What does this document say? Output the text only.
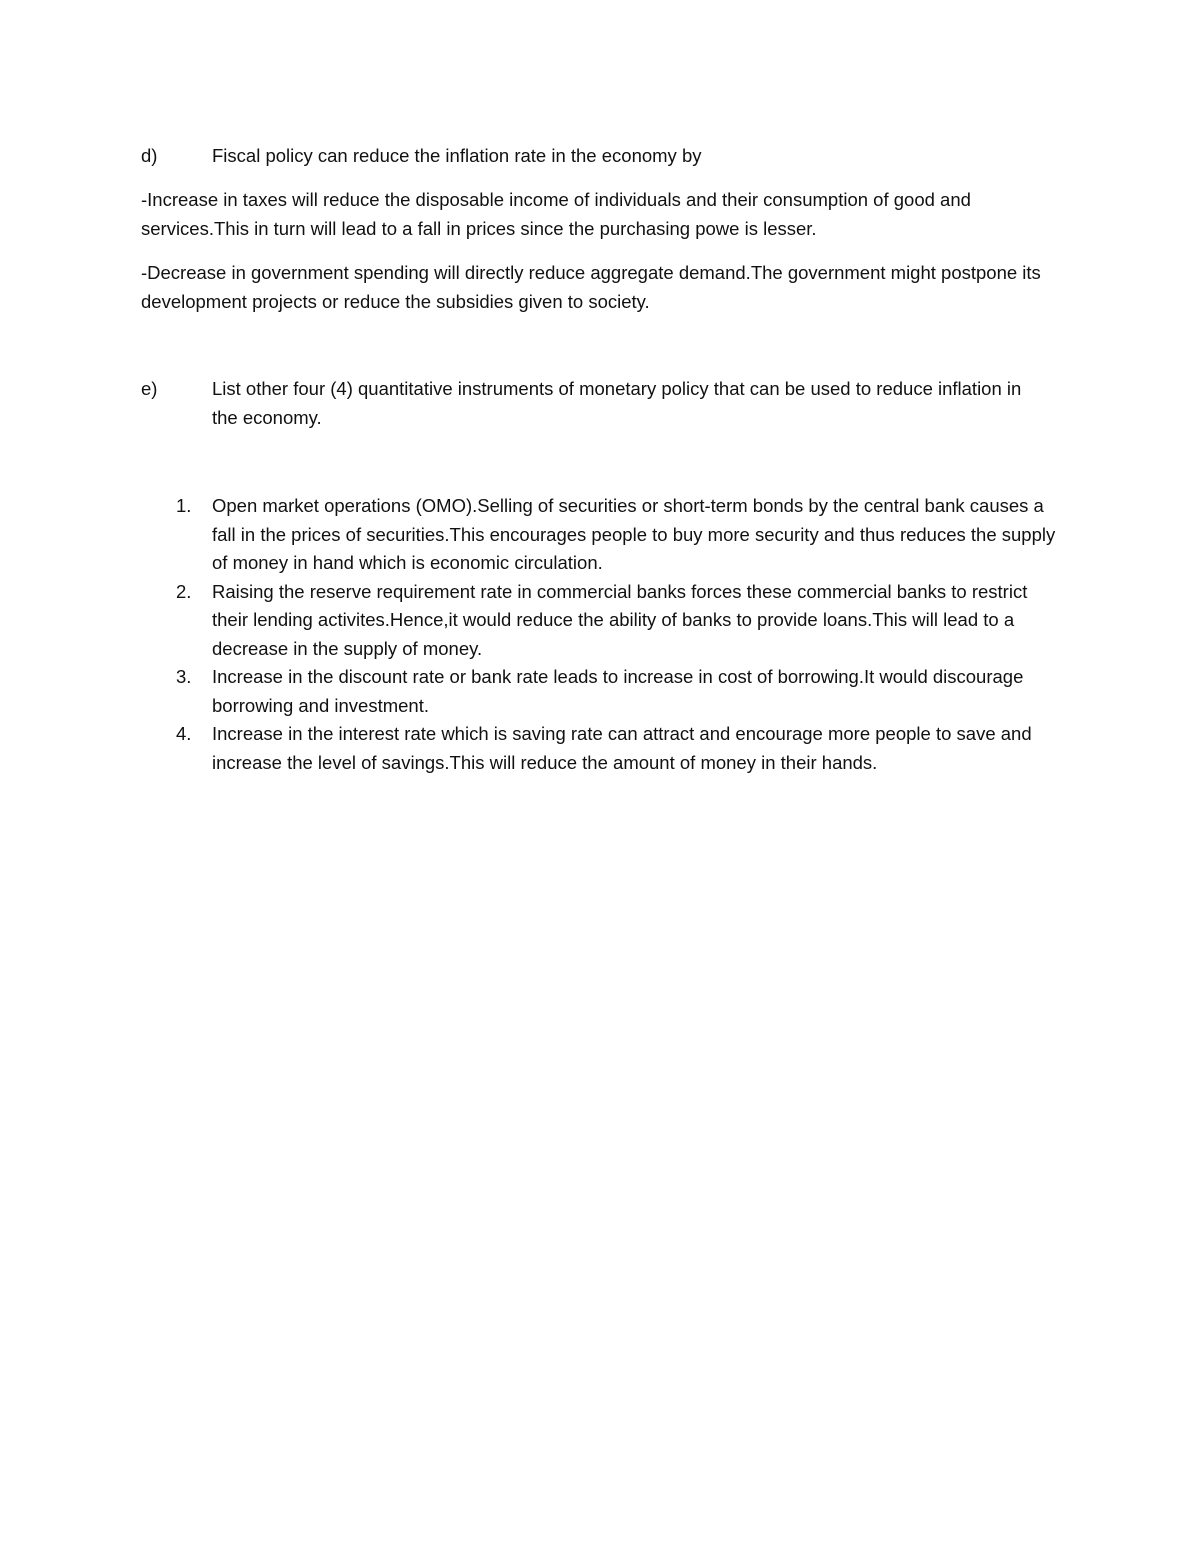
d)	Fiscal policy can reduce the inflation rate in the economy by

-Increase in taxes will reduce the disposable income of individuals and their consumption of good and services.This in turn will lead to a fall in prices since the purchasing powe is lesser.

-Decrease in government spending will directly reduce aggregate demand.The government might postpone its development projects or reduce the subsidies given to society.

e)	List other four (4) quantitative instruments of monetary policy that can be used to reduce inflation in the economy.
1. Open market operations (OMO).Selling of securities or short-term bonds by the central bank causes a fall in the prices of securities.This encourages people to buy more security and thus reduces the supply of money in hand which is economic circulation.
2. Raising the reserve requirement rate in commercial banks forces these commercial banks to restrict their lending activites.Hence,it would reduce the ability of banks to provide loans.This will lead to a decrease in the supply of money.
3. Increase in the discount rate or bank rate leads to increase in cost of borrowing.It would discourage borrowing and investment.
4. Increase in the interest rate which is saving rate can attract and encourage more people to save and increase the level of savings.This will reduce the amount of money in their hands.
